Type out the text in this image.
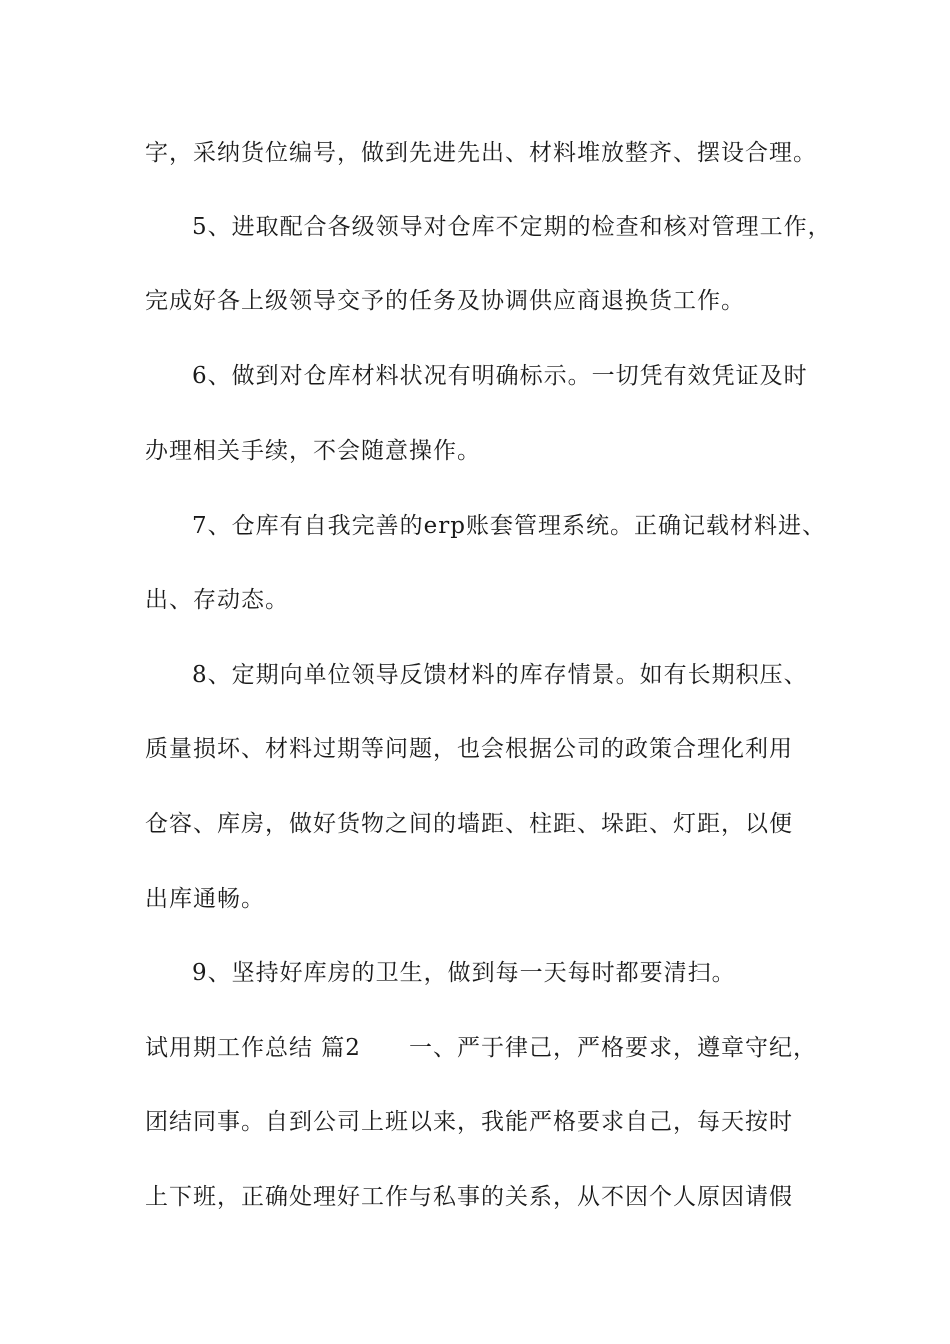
字，采纳货位编号，做到先进先出、材料堆放整齐、摆设合理。
5、进取配合各级领导对仓库不定期的检查和核对管理工作，
完成好各上级领导交予的任务及协调供应商退换货工作。
6、做到对仓库材料状况有明确标示。一切凭有效凭证及时
办理相关手续，不会随意操作。
7、仓库有自我完善的erp账套管理系统。正确记载材料进、
出、存动态。
8、定期向单位领导反馈材料的库存情景。如有长期积压、
质量损坏、材料过期等问题，也会根据公司的政策合理化利用
仓容、库房，做好货物之间的墙距、柱距、垛距、灯距，以便
出库通畅。
9、坚持好库房的卫生，做到每一天每时都要清扫。
试用期工作总结 篇2 一、严于律己，严格要求，遵章守纪，
团结同事。自到公司上班以来，我能严格要求自己，每天按时
上下班，正确处理好工作与私事的关系，从不因个人原因请假
